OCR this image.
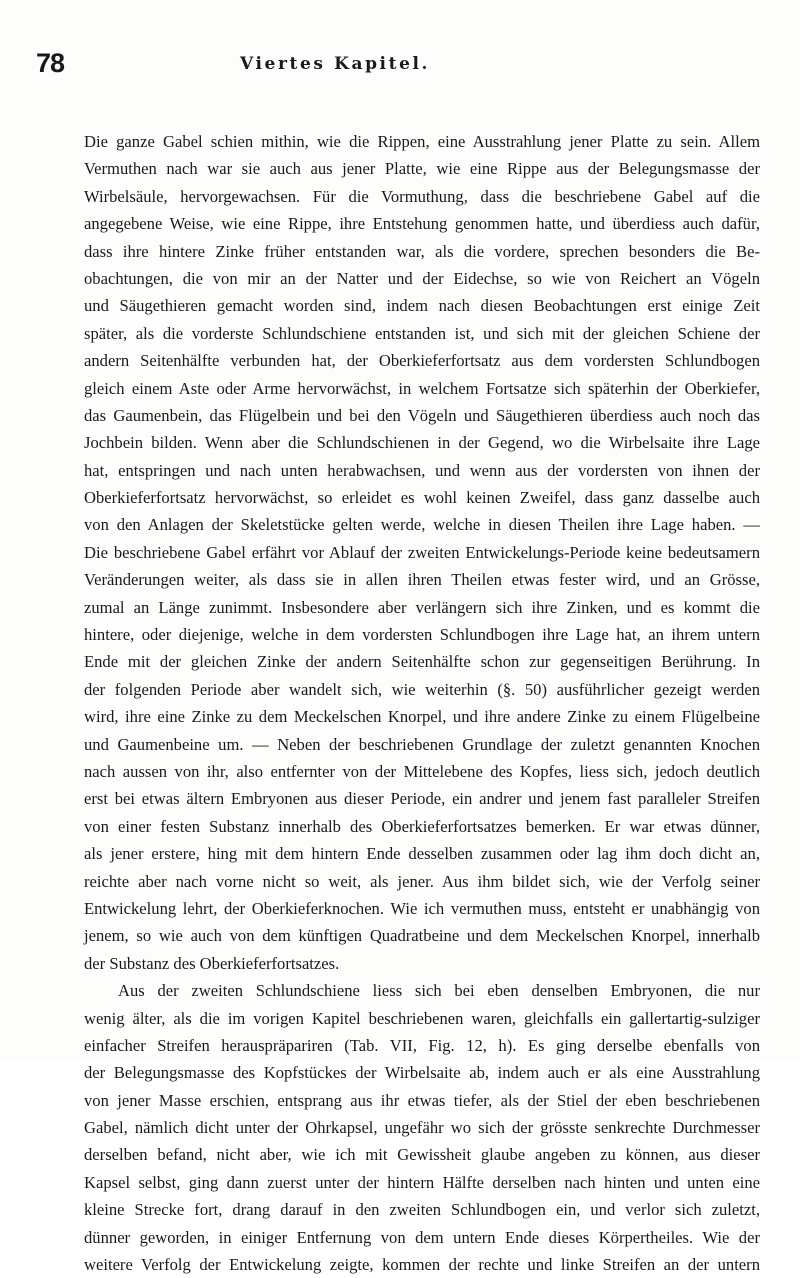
78	Viertes Kapitel.
Die ganze Gabel schien mithin, wie die Rippen, eine Ausstrahlung jener Platte zu sein. Allem
Vermuthen nach war sie auch aus jener Platte, wie eine Rippe aus der Belegungsmasse der
Wirbelsäule, hervorgewachsen. Für die Vormuthung, dass die beschriebene Gabel auf die
angegebene Weise, wie eine Rippe, ihre Entstehung genommen hatte, und überdiess auch dafür,
dass ihre hintere Zinke früher entstanden war, als die vordere, sprechen besonders die Be-
obachtungen, die von mir an der Natter und der Eidechse, so wie von Reichert an Vögeln
und Säugethieren gemacht worden sind, indem nach diesen Beobachtungen erst einige Zeit
später, als die vorderste Schlundschiene entstanden ist, und sich mit der gleichen Schiene der
andern Seitenhälfte verbunden hat, der Oberkieferfortsatz aus dem vordersten Schlundbogen
gleich einem Aste oder Arme hervorwächst, in welchem Fortsatze sich späterhin der Oberkiefer,
das Gaumenbein, das Flügelbein und bei den Vögeln und Säugethieren überdiess auch noch das
Jochbein bilden. Wenn aber die Schlundschienen in der Gegend, wo die Wirbelsaite ihre Lage
hat, entspringen und nach unten herabwachsen, und wenn aus der vordersten von ihnen der
Oberkieferfortsatz hervorwächst, so erleidet es wohl keinen Zweifel, dass ganz dasselbe auch
von den Anlagen der Skeletstücke gelten werde, welche in diesen Theilen ihre Lage haben. —
Die beschriebene Gabel erfährt vor Ablauf der zweiten Entwickelungs-Periode keine bedeutsamern
Veränderungen weiter, als dass sie in allen ihren Theilen etwas fester wird, und an Grösse,
zumal an Länge zunimmt. Insbesondere aber verlängern sich ihre Zinken, und es kommt die
hintere, oder diejenige, welche in dem vordersten Schlundbogen ihre Lage hat, an ihrem untern
Ende mit der gleichen Zinke der andern Seitenhälfte schon zur gegenseitigen Berührung. In
der folgenden Periode aber wandelt sich, wie weiterhin (§. 50) ausführlicher gezeigt werden
wird, ihre eine Zinke zu dem Meckelschen Knorpel, und ihre andere Zinke zu einem Flügelbeine
und Gaumenbeine um. — Neben der beschriebenen Grundlage der zuletzt genannten Knochen
nach aussen von ihr, also entfernter von der Mittelebene des Kopfes, liess sich, jedoch deutlich
erst bei etwas ältern Embryonen aus dieser Periode, ein andrer und jenem fast paralleler Streifen
von einer festen Substanz innerhalb des Oberkieferfortsatzes bemerken. Er war etwas dünner,
als jener erstere, hing mit dem hintern Ende desselben zusammen oder lag ihm doch dicht an,
reichte aber nach vorne nicht so weit, als jener. Aus ihm bildet sich, wie der Verfolg seiner
Entwickelung lehrt, der Oberkieferknochen. Wie ich vermuthen muss, entsteht er unabhängig von
jenem, so wie auch von dem künftigen Quadratbeine und dem Meckelschen Knorpel, innerhalb
der Substanz des Oberkieferfortsatzes.
Aus der zweiten Schlundschiene liess sich bei eben denselben Embryonen, die nur
wenig älter, als die im vorigen Kapitel beschriebenen waren, gleichfalls ein gallertartig-sulziger
einfacher Streifen herauspräpariren (Tab. VII, Fig. 12, h). Es ging derselbe ebenfalls von
der Belegungsmasse des Kopfstückes der Wirbelsaite ab, indem auch er als eine Ausstrahlung
von jener Masse erschien, entsprang aus ihr etwas tiefer, als der Stiel der eben beschriebenen
Gabel, nämlich dicht unter der Ohrkapsel, ungefähr wo sich der grösste senkrechte Durchmesser
derselben befand, nicht aber, wie ich mit Gewissheit glaube angeben zu können, aus dieser
Kapsel selbst, ging dann zuerst unter der hintern Hälfte derselben nach hinten und unten eine
kleine Strecke fort, drang darauf in den zweiten Schlundbogen ein, und verlor sich zuletzt,
dünner geworden, in einiger Entfernung von dem untern Ende dieses Körpertheiles. Wie der
weitere Verfolg der Entwickelung zeigte, kommen der rechte und linke Streifen an der untern
